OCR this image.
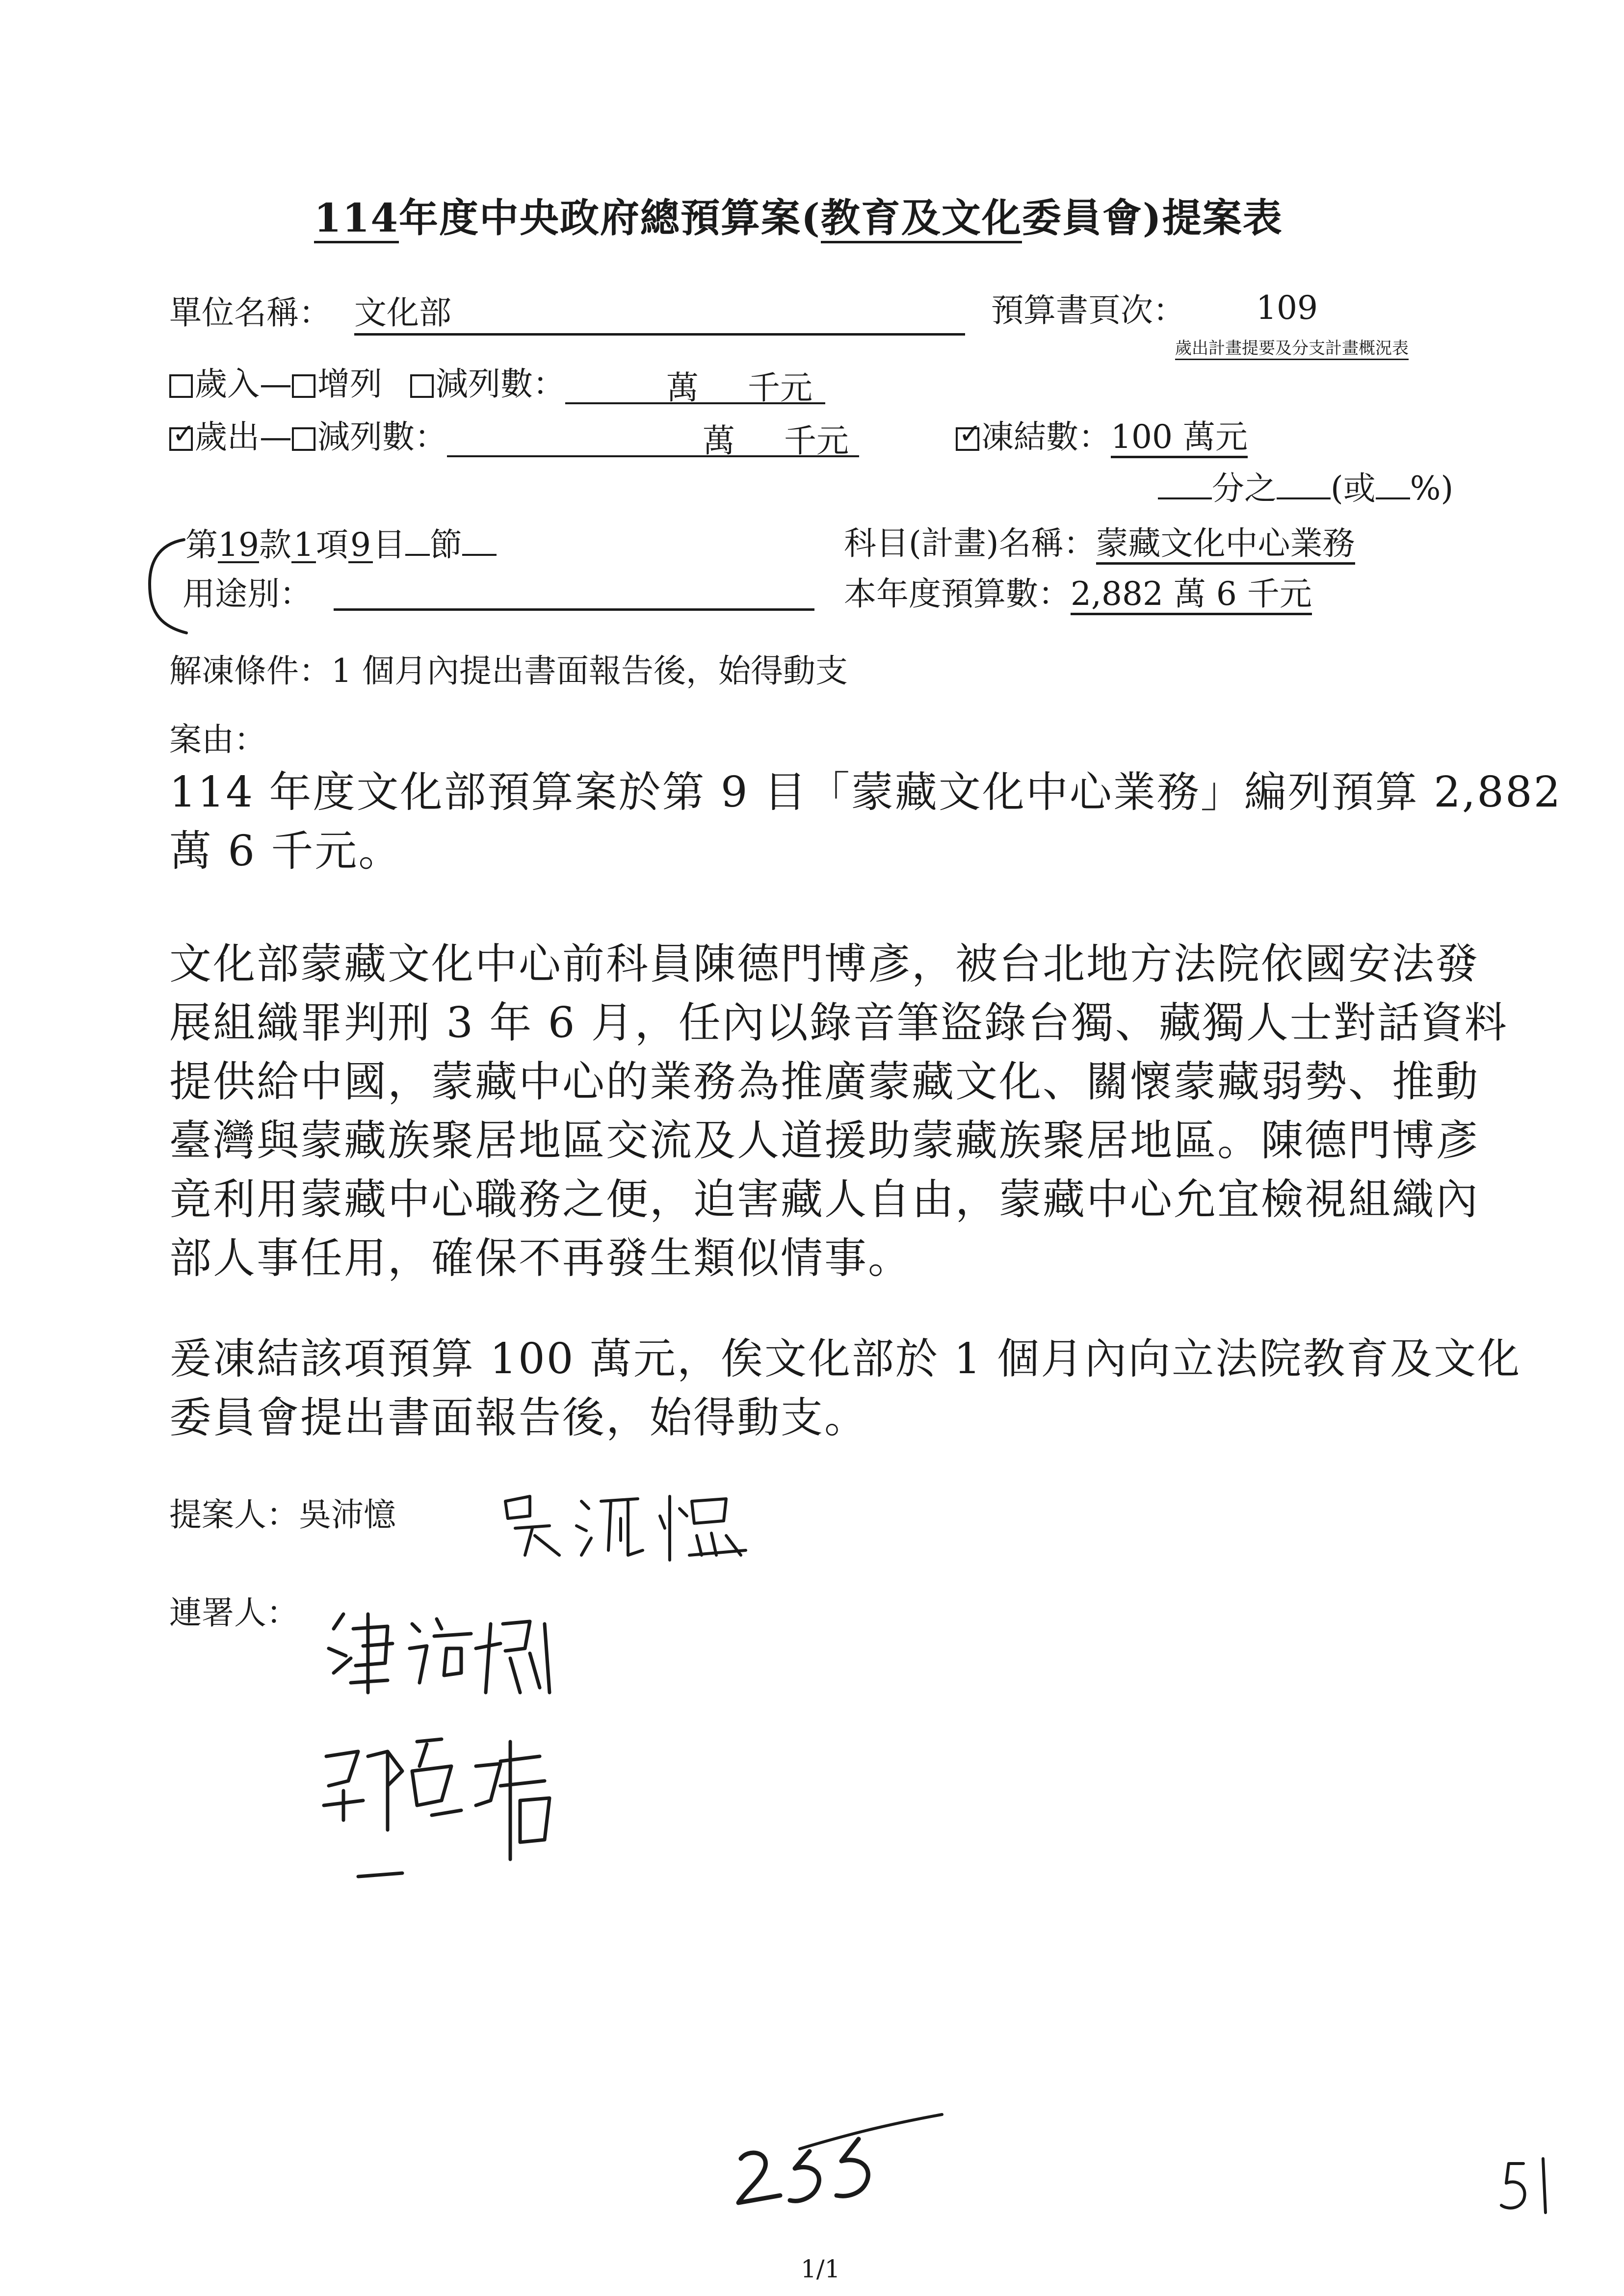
114年度中央政府總預算案(教育及文化委員會)提案表
單位名稱： 文化部	預算書頁次： 109
歲出計畫提要及分支計畫概況表
歲入— 增列 減列數：	萬 千元
✓歲出— 減列數：	萬 千元
✓	凍結數：100 萬元
分之 (或 %)
第19款1項9目 節	科目(計畫)名稱：蒙藏文化中心業務
用途別：	本年度預算數：2,882 萬 6 千元
解凍條件：1 個月內提出書面報告後，始得動支
案由：
114 年度文化部預算案於第 9 目「蒙藏文化中心業務」編列預算 2,882
萬 6 千元。
文化部蒙藏文化中心前科員陳德門博彥，被台北地方法院依國安法發
展組織罪判刑 3 年 6 月，任內以錄音筆盜錄台獨、藏獨人士對話資料
提供給中國，蒙藏中心的業務為推廣蒙藏文化、關懷蒙藏弱勢、推動
臺灣與蒙藏族聚居地區交流及人道援助蒙藏族聚居地區。陳德門博彥
竟利用蒙藏中心職務之便，迫害藏人自由，蒙藏中心允宜檢視組織內
部人事任用，確保不再發生類似情事。
爰凍結該項預算 100 萬元，俟文化部於 1 個月內向立法院教育及文化
委員會提出書面報告後，始得動支。
提案人：吳沛憶
連署人：
1/1
